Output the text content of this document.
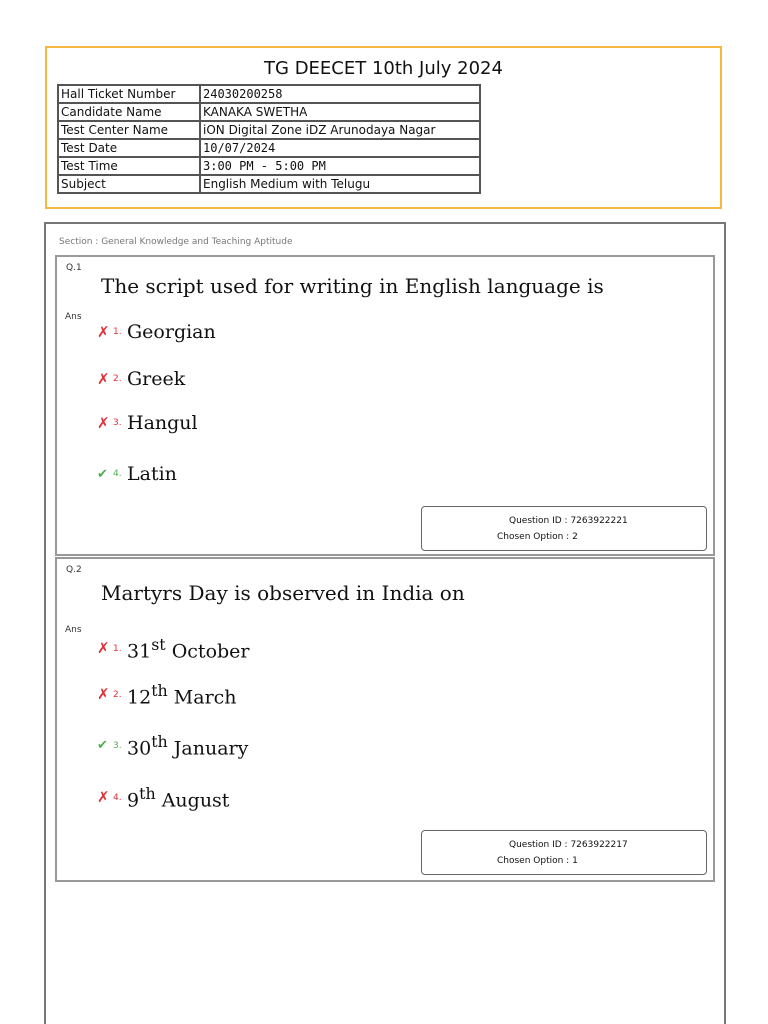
TG DEECET 10th July 2024
Hall Ticket Number	24030200258
Candidate Name	KANAKA SWETHA
Test Center Name	iON Digital Zone iDZ Arunodaya Nagar
Test Date	10/07/2024
Test Time	3:00 PM - 5:00 PM
Subject	English Medium with Telugu
Section : General Knowledge and Teaching Aptitude
Q.1
The script used for writing in English language is
Ans
✗ 1. Georgian
✗ 2. Greek
✗ 3. Hangul
✔ 4. Latin
Question ID : 7263922221
Chosen Option : 2
Q.2
Martyrs Day is observed in India on
Ans
✗ 1. 31st October
✗ 2. 12th March
✔ 3. 30th January
✗ 4. 9th August
Question ID : 7263922217
Chosen Option : 1
